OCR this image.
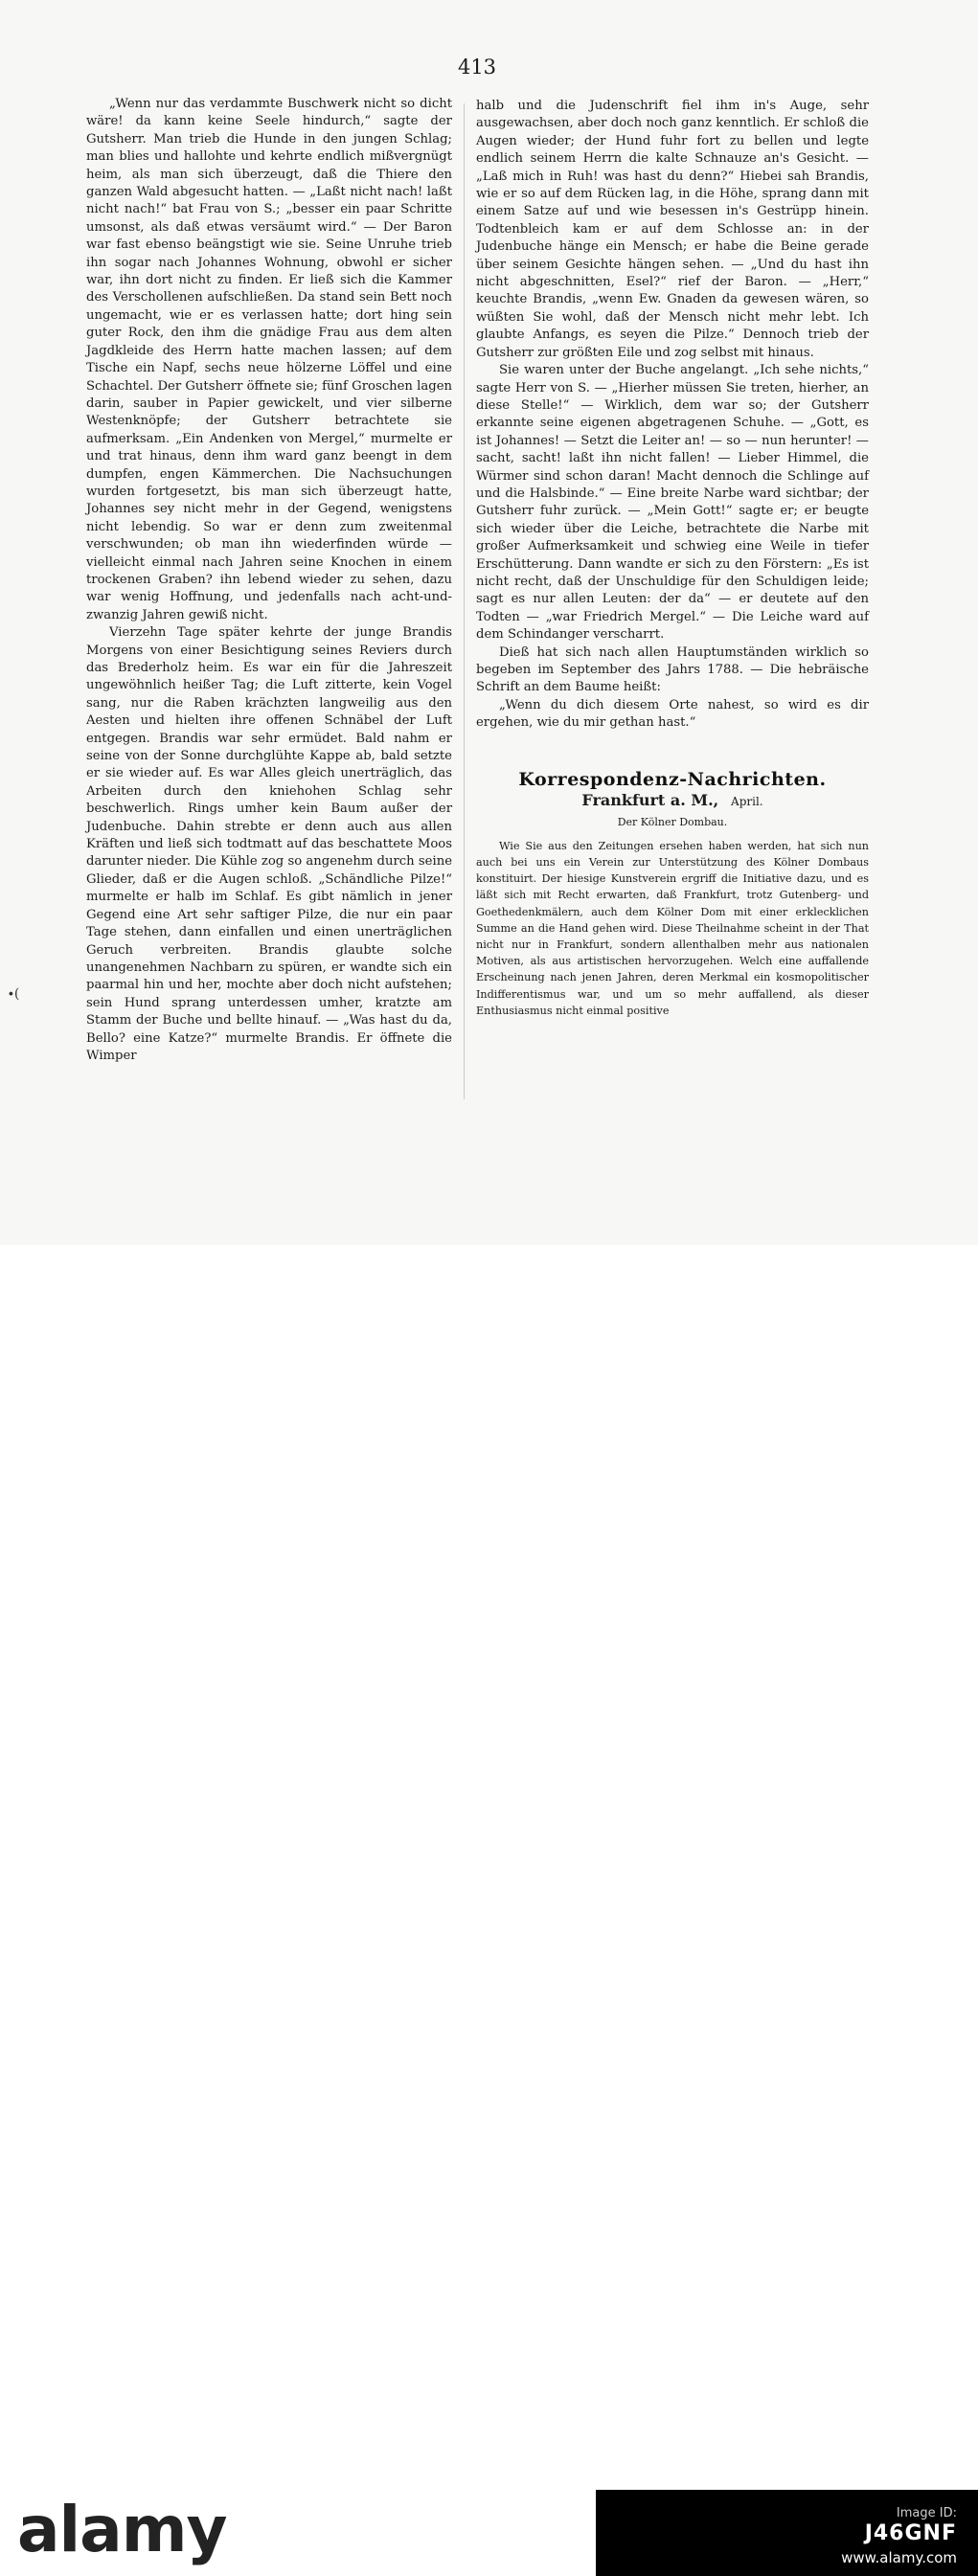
413
∙(

„Wenn nur das verdammte Buschwerk nicht so dicht wäre! da kann keine Seele hindurch,“ sagte der Gutsherr. Man trieb die Hunde in den jungen Schlag; man blies und hallohte und kehrte endlich mißvergnügt heim, als man sich überzeugt, daß die Thiere den ganzen Wald abgesucht hatten. — „Laßt nicht nach! laßt nicht nach!“ bat Frau von S.; „besser ein paar Schritte umsonst, als daß etwas versäumt wird.“ — Der Baron war fast ebenso beängstigt wie sie. Seine Unruhe trieb ihn sogar nach Johannes Wohnung, obwohl er sicher war, ihn dort nicht zu finden. Er ließ sich die Kammer des Verschollenen aufschließen. Da stand sein Bett noch ungemacht, wie er es verlassen hatte; dort hing sein guter Rock, den ihm die gnädige Frau aus dem alten Jagdkleide des Herrn hatte machen lassen; auf dem Tische ein Napf, sechs neue hölzerne Löffel und eine Schachtel. Der Gutsherr öffnete sie; fünf Groschen lagen darin, sauber in Papier gewickelt, und vier silberne Westenknöpfe; der Gutsherr betrachtete sie aufmerksam. „Ein Andenken von Mergel,“ murmelte er und trat hinaus, denn ihm ward ganz beengt in dem dumpfen, engen Kämmerchen. Die Nachsuchungen wurden fortgesetzt, bis man sich überzeugt hatte, Johannes sey nicht mehr in der Gegend, wenigstens nicht lebendig. So war er denn zum zweitenmal verschwunden; ob man ihn wiederfinden würde — vielleicht einmal nach Jahren seine Knochen in einem trockenen Graben? ihn lebend wieder zu sehen, dazu war wenig Hoffnung, und jedenfalls nach acht-und-zwanzig Jahren gewiß nicht.

Vierzehn Tage später kehrte der junge Brandis Morgens von einer Besichtigung seines Reviers durch das Brederholz heim. Es war ein für die Jahreszeit ungewöhnlich heißer Tag; die Luft zitterte, kein Vogel sang, nur die Raben krächzten langweilig aus den Aesten und hielten ihre offenen Schnäbel der Luft entgegen. Brandis war sehr ermüdet. Bald nahm er seine von der Sonne durchglühte Kappe ab, bald setzte er sie wieder auf. Es war Alles gleich unerträglich, das Arbeiten durch den kniehohen Schlag sehr beschwerlich. Rings umher kein Baum außer der Judenbuche. Dahin strebte er denn auch aus allen Kräften und ließ sich todtmatt auf das beschattete Moos darunter nieder. Die Kühle zog so angenehm durch seine Glieder, daß er die Augen schloß. „Schändliche Pilze!“ murmelte er halb im Schlaf. Es gibt nämlich in jener Gegend eine Art sehr saftiger Pilze, die nur ein paar Tage stehen, dann einfallen und einen unerträglichen Geruch verbreiten. Brandis glaubte solche unangenehmen Nachbarn zu spüren, er wandte sich ein paarmal hin und her, mochte aber doch nicht aufstehen; sein Hund sprang unterdessen umher, kratzte am Stamm der Buche und bellte hinauf. — „Was hast du da, Bello? eine Katze?“ murmelte Brandis. Er öffnete die Wimper

halb und die Judenschrift fiel ihm in's Auge, sehr ausgewachsen, aber doch noch ganz kenntlich. Er schloß die Augen wieder; der Hund fuhr fort zu bellen und legte endlich seinem Herrn die kalte Schnauze an's Gesicht. — „Laß mich in Ruh! was hast du denn?“ Hiebei sah Brandis, wie er so auf dem Rücken lag, in die Höhe, sprang dann mit einem Satze auf und wie besessen in's Gestrüpp hinein. Todtenbleich kam er auf dem Schlosse an: in der Judenbuche hänge ein Mensch; er habe die Beine gerade über seinem Gesichte hängen sehen. — „Und du hast ihn nicht abgeschnitten, Esel?“ rief der Baron. — „Herr,“ keuchte Brandis, „wenn Ew. Gnaden da gewesen wären, so wüßten Sie wohl, daß der Mensch nicht mehr lebt. Ich glaubte Anfangs, es seyen die Pilze.“ Dennoch trieb der Gutsherr zur größten Eile und zog selbst mit hinaus.

Sie waren unter der Buche angelangt. „Ich sehe nichts,“ sagte Herr von S. — „Hierher müssen Sie treten, hierher, an diese Stelle!“ — Wirklich, dem war so; der Gutsherr erkannte seine eigenen abgetragenen Schuhe. — „Gott, es ist Johannes! — Setzt die Leiter an! — so — nun herunter! — sacht, sacht! laßt ihn nicht fallen! — Lieber Himmel, die Würmer sind schon daran! Macht dennoch die Schlinge auf und die Halsbinde.“ — Eine breite Narbe ward sichtbar; der Gutsherr fuhr zurück. — „Mein Gott!“ sagte er; er beugte sich wieder über die Leiche, betrachtete die Narbe mit großer Aufmerksamkeit und schwieg eine Weile in tiefer Erschütterung. Dann wandte er sich zu den Förstern: „Es ist nicht recht, daß der Unschuldige für den Schuldigen leide; sagt es nur allen Leuten: der da“ — er deutete auf den Todten — „war Friedrich Mergel.“ — Die Leiche ward auf dem Schindanger verscharrt.

Dieß hat sich nach allen Hauptumständen wirklich so begeben im September des Jahrs 1788. — Die hebräische Schrift an dem Baume heißt:

„Wenn du dich diesem Orte nahest, so wird es dir ergehen, wie du mir gethan hast.“

Korrespondenz-Nachrichten.
Frankfurt a. M., April.
Der Kölner Dombau.

Wie Sie aus den Zeitungen ersehen haben werden, hat sich nun auch bei uns ein Verein zur Unterstützung des Kölner Dombaus konstituirt. Der hiesige Kunstverein ergriff die Initiative dazu, und es läßt sich mit Recht erwarten, daß Frankfurt, trotz Gutenberg- und Goethedenkmälern, auch dem Kölner Dom mit einer erklecklichen Summe an die Hand gehen wird. Diese Theilnahme scheint in der That nicht nur in Frankfurt, sondern allenthalben mehr aus nationalen Motiven, als aus artistischen hervorzugehen. Welch eine auffallende Erscheinung nach jenen Jahren, deren Merkmal ein kosmopolitischer Indifferentismus war, und um so mehr auffallend, als dieser Enthusiasmus nicht einmal positive

alamy	Image ID:
J46GNF
www.alamy.com
